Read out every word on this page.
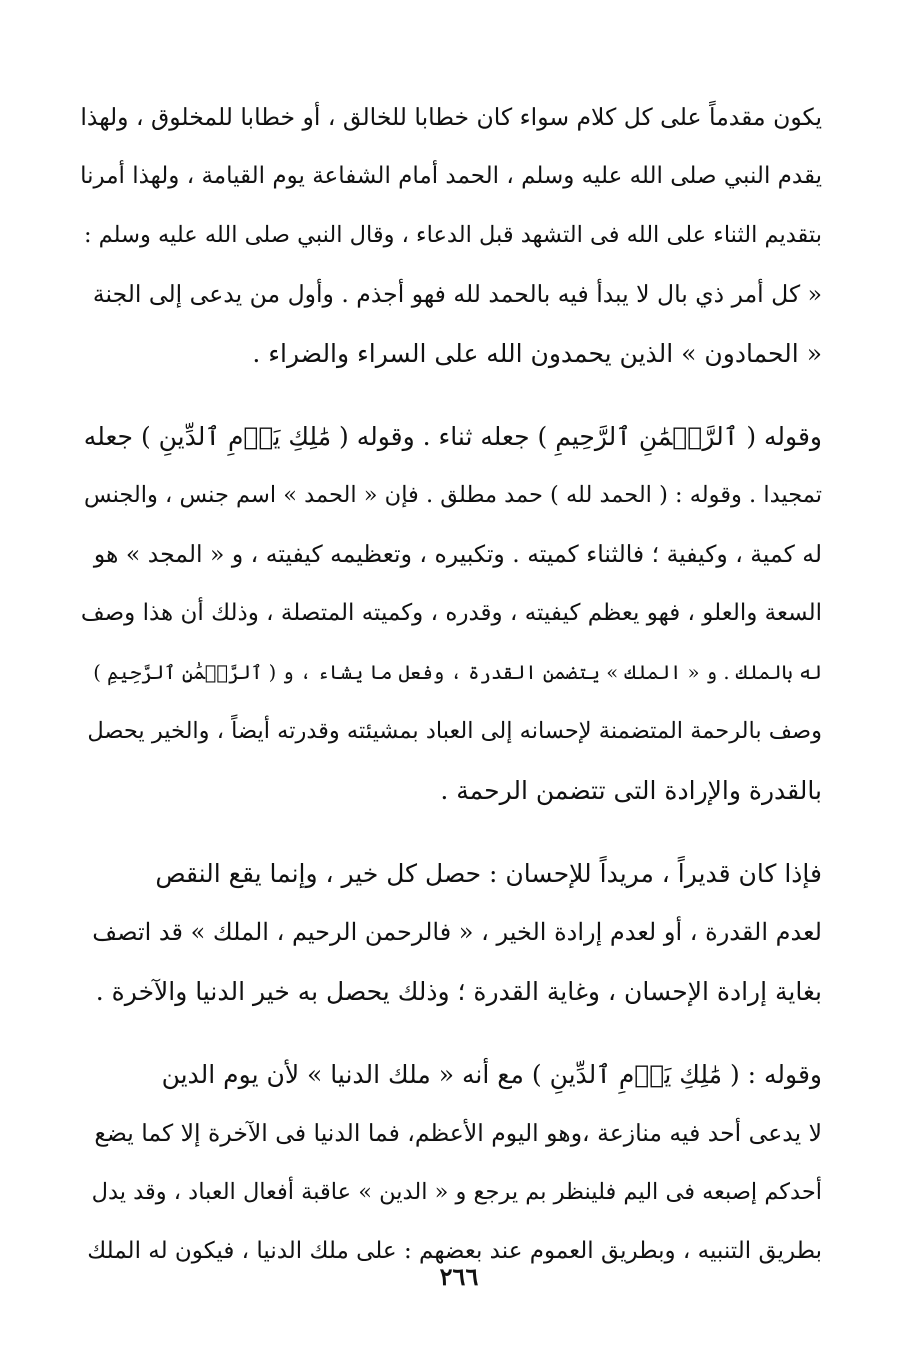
يكون مقدماً على كل كلام سواء كان خطابا للخالق ، أو خطابا للمخلوق ، ولهذا
يقدم النبي صلى الله عليه وسلم ، الحمد أمام الشفاعة يوم القيامة ، ولهذا أمرنا
بتقديم الثناء على الله فى التشهد قبل الدعاء ، وقال النبي صلى الله عليه وسلم :
« كل أمر ذي بال لا يبدأ فيه بالحمد لله فهو أجذم . وأول من يدعى إلى الجنة
« الحمادون » الذين يحمدون الله على السراء والضراء .
وقوله ( ٱلرَّحۡمَٰنِ ٱلرَّحِيمِ ) جعله ثناء . وقوله ( مَٰلِكِ يَوۡمِ ٱلدِّينِ ) جعله
تمجيدا . وقوله : ( الحمد لله ) حمد مطلق . فإن « الحمد » اسم جنس ، والجنس
له كمية ، وكيفية ؛ فالثناء كميته . وتكبيره ، وتعظيمه كيفيته ، و « المجد » هو
السعة والعلو ، فهو يعظم كيفيته ، وقدره ، وكميته المتصلة ، وذلك أن هذا وصف
له بالملك . و « الملك » يتضمن القدرة ، وفعل ما يشاء ، و ( ٱلرَّحۡمَٰنِ ٱلرَّحِيمِ )
وصف بالرحمة المتضمنة لإحسانه إلى العباد بمشيئته وقدرته أيضاً ، والخير يحصل
بالقدرة والإرادة التى تتضمن الرحمة .
فإذا كان قديراً ، مريداً للإحسان : حصل كل خير ، وإنما يقع النقص
لعدم القدرة ، أو لعدم إرادة الخير ، « فالرحمن الرحيم ، الملك » قد اتصف
بغاية إرادة الإحسان ، وغاية القدرة ؛ وذلك يحصل به خير الدنيا والآخرة .
وقوله : ( مَٰلِكِ يَوۡمِ ٱلدِّينِ ) مع أنه « ملك الدنيا » لأن يوم الدين
لا يدعى أحد فيه منازعة ،وهو اليوم الأعظم، فما الدنيا فى الآخرة إلا كما يضع
أحدكم إصبعه فى اليم فلينظر بم يرجع و « الدين » عاقبة أفعال العباد ، وقد يدل
بطريق التنبيه ، وبطريق العموم عند بعضهم : على ملك الدنيا ، فيكون له الملك
٢٦٦
